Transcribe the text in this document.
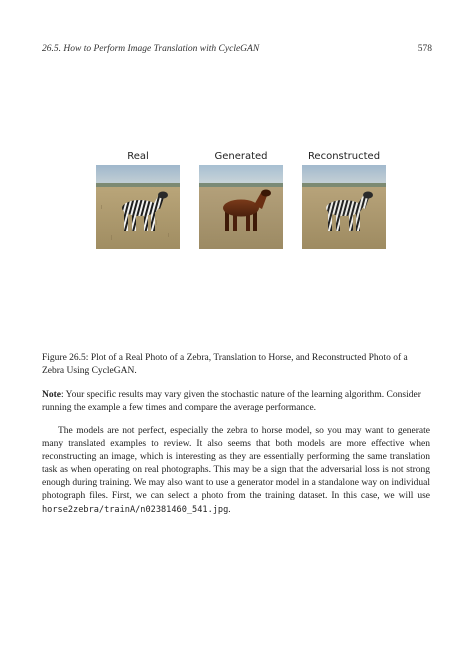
26.5. How to Perform Image Translation with CycleGAN	578
Real	Generated	Reconstructed
Figure 26.5: Plot of a Real Photo of a Zebra, Translation to Horse, and Reconstructed Photo of a Zebra Using CycleGAN.
Note: Your specific results may vary given the stochastic nature of the learning algorithm. Consider running the example a few times and compare the average performance.
The models are not perfect, especially the zebra to horse model, so you may want to generate many translated examples to review. It also seems that both models are more effective when reconstructing an image, which is interesting as they are essentially performing the same translation task as when operating on real photographs. This may be a sign that the adversarial loss is not strong enough during training. We may also want to use a generator model in a standalone way on individual photograph files. First, we can select a photo from the training dataset. In this case, we will use horse2zebra/trainA/n02381460_541.jpg.
